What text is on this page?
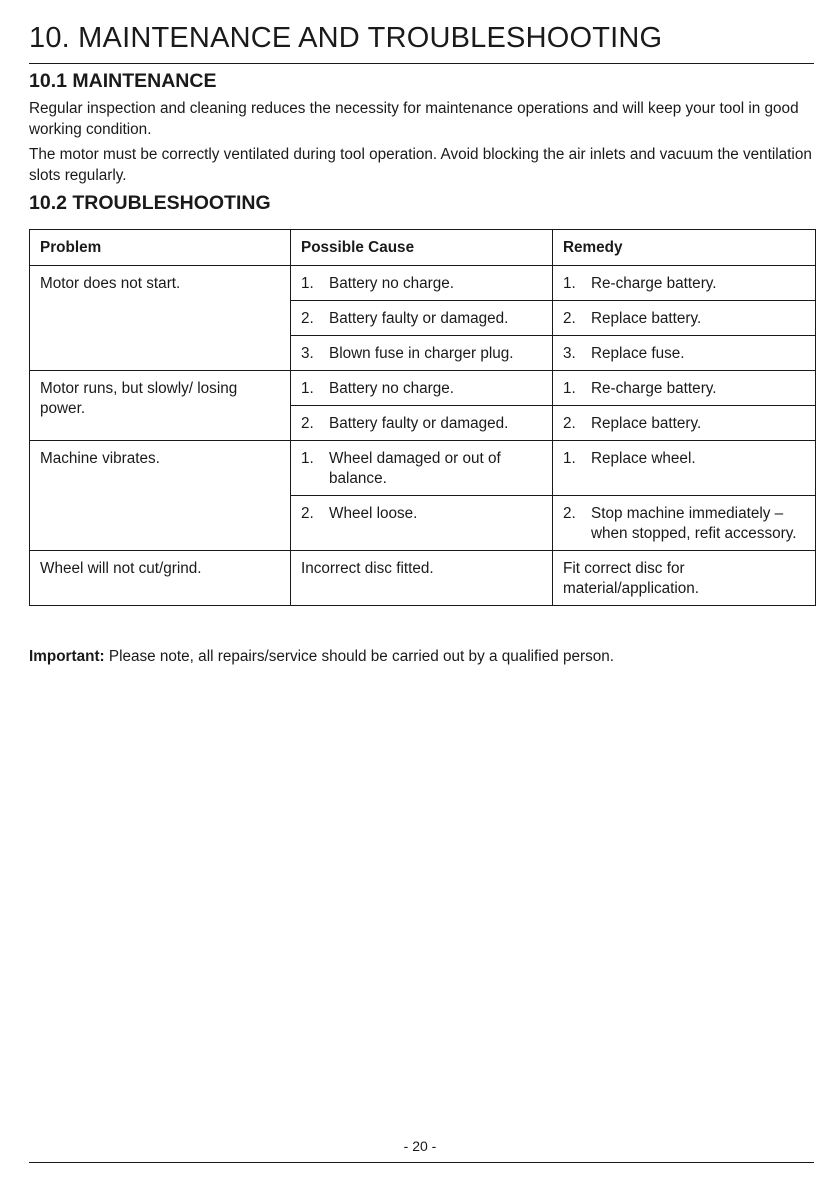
10. MAINTENANCE AND TROUBLESHOOTING
10.1 MAINTENANCE

Regular inspection and cleaning reduces the necessity for maintenance operations and will keep your tool in good working condition.

The motor must be correctly ventilated during tool operation. Avoid blocking the air inlets and vacuum the ventilation slots regularly.

10.2 TROUBLESHOOTING
Problem	Possible Cause	Remedy
Motor does not start.	1. Battery no charge.	1. Re-charge battery.

	2. Battery faulty or damaged.	2. Replace battery.

	3. Blown fuse in charger plug.	3. Replace fuse.

Motor runs, but slowly/ losing power.	1. Battery no charge.	1. Re-charge battery.

	2. Battery faulty or damaged.	2. Replace battery.

Machine vibrates.	1. Wheel damaged or out of balance.	1. Replace wheel.

	2. Wheel loose.	2. Stop machine immediately – when stopped, refit accessory.

Wheel will not cut/grind.	Incorrect disc fitted.	Fit correct disc for material/application.

Important: Please note, all repairs/service should be carried out by a qualified person.

- 20 -
